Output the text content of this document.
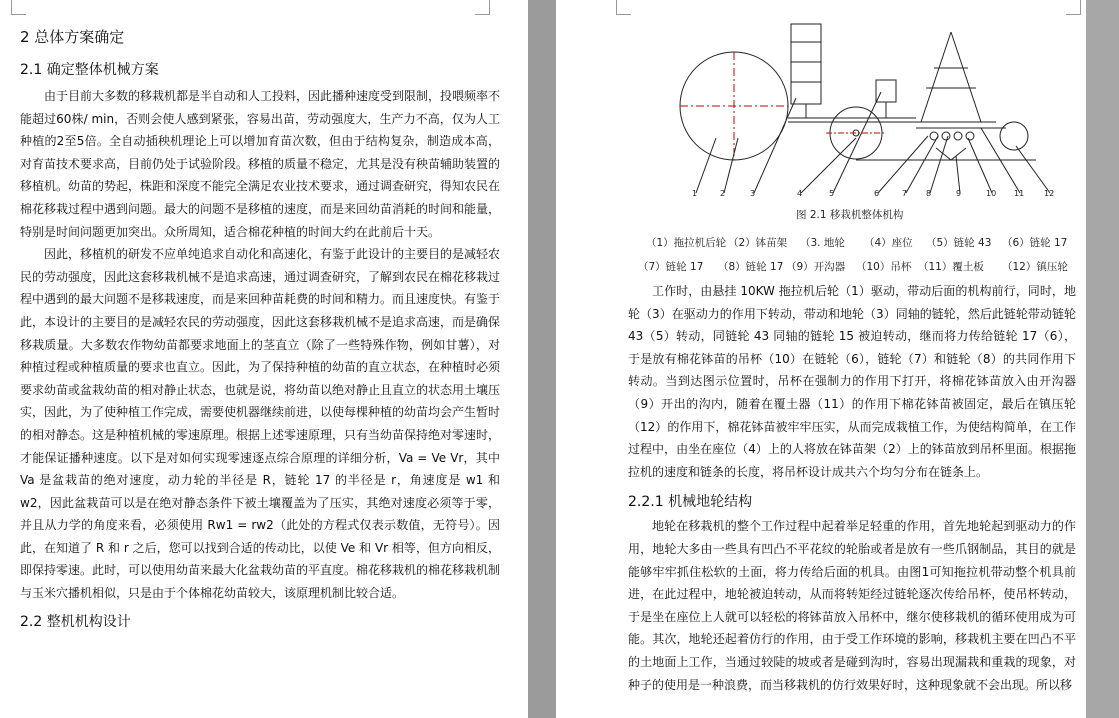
2 总体方案确定
2.1 确定整体机械方案

由于目前大多数的移栽机都是半自动和人工投料，因此播种速度受到限制，投喂频率不能超过60株/ min，否则会使人感到紧张，容易出苗，劳动强度大，生产力不高，仅为人工种植的2至5倍。全自动插秧机理论上可以增加育苗次数，但由于结构复杂，制造成本高，对育苗技术要求高，目前仍处于试验阶段。移植的质量不稳定，尤其是没有秧苗辅助装置的移植机。幼苗的势起，株距和深度不能完全满足农业技术要求，通过调查研究，得知农民在棉花移栽过程中遇到问题。最大的问题不是移植的速度，而是来回幼苗消耗的时间和能量，特别是时间问题更加突出。众所周知，适合棉花种植的时间大约在此前后十天。

因此，移植机的研发不应单纯追求自动化和高速化，有鉴于此设计的主要目的是减轻农民的劳动强度，因此这套移栽机械不是追求高速，通过调查研究，了解到农民在棉花移栽过程中遇到的最大问题不是移栽速度，而是来回种苗耗费的时间和精力。而且速度快。有鉴于此，本设计的主要目的是减轻农民的劳动强度，因此这套移栽机械不是追求高速，而是确保移栽质量。大多数农作物幼苗都要求地面上的茎直立（除了一些特殊作物，例如甘薯），对种植过程或种植质量的要求也直立。因此，为了保持种植的幼苗的直立状态，在种植时必须要求幼苗或盆栽幼苗的相对静止状态，也就是说，将幼苗以绝对静止且直立的状态用土壤压实，因此，为了使种植工作完成，需要使机器继续前进，以使每棵种植的幼苗均会产生暂时的相对静态。这是种植机械的零速原理。根据上述零速原理，只有当幼苗保持绝对零速时，才能保证播种速度。以下是对如何实现零速逐点综合原理的详细分析，Va = Ve Vr，其中 Va 是盆栽苗的绝对速度，动力轮的半径是 R，链轮 17 的半径是 r，角速度是 w1 和 w2，因此盆栽苗可以是在绝对静态条件下被土壤覆盖为了压实，其绝对速度必须等于零，并且从力学的角度来看，必须使用 Rw1 = rw2（此处的方程式仅表示数值，无符号）。因此，在知道了 R 和 r 之后，您可以找到合适的传动比，以使 Ve 和 Vr 相等，但方向相反，即保持零速。此时，可以使用幼苗来最大化盆栽幼苗的平直度。棉花移栽机的棉花移栽机制与玉米穴播机相似，只是由于个体棉花幼苗较大，该原理机制比较合适。

2.2 整机机构设计
1	2	3	4	5	6	7 8	9	10 11 12
图 2.1 移栽机整体机构
（1）拖拉机后轮 （2）钵苗架 （3. 地轮 （4）座位 （5）链轮 43 （6）链轮 17
（7）链轮 17 （8）链轮 17 （9）开沟器 （10）吊杯 （11）覆土板 （12）镇压轮

工作时，由悬挂 10KW 拖拉机后轮（1）驱动，带动后面的机构前行，同时，地轮（3）在驱动力的作用下转动，带动和地轮（3）同轴的链轮，然后此链轮带动链轮 43（5）转动，同链轮 43 同轴的链轮 15 被迫转动，继而将力传给链轮 17（6），于是放有棉花钵苗的吊杯（10）在链轮（6），链轮（7）和链轮（8）的共同作用下转动。当到达图示位置时，吊杯在强制力的作用下打开，将棉花钵苗放入由开沟器（9）开出的沟内，随着在覆土器（11）的作用下棉花钵苗被固定，最后在镇压轮（12）的作用下，棉花钵苗被牢牢压实，从而完成栽植工作，为使结构简单，在工作过程中，由坐在座位（4）上的人将放在钵苗架（2）上的钵苗放到吊杯里面。根据拖拉机的速度和链条的长度，将吊杯设计成共六个均匀分布在链条上。

2.2.1 机械地轮结构

地轮在移栽机的整个工作过程中起着举足轻重的作用，首先地轮起到驱动力的作用，地轮大多由一些具有凹凸不平花纹的轮胎或者是放有一些爪钢制品，其目的就是能够牢牢抓住松软的土面，将力传给后面的机具。由图1可知拖拉机带动整个机具前进，在此过程中，地轮被迫转动，从而将转矩经过链轮逐次传给吊杯，使吊杯转动，于是坐在座位上人就可以轻松的将钵苗放入吊杯中，继尔使移栽机的循环使用成为可能。其次，地轮还起着仿行的作用，由于受工作环境的影响，移栽机主要在凹凸不平的土地面上工作，当通过较陡的坡或者是碰到沟时，容易出现漏栽和重栽的现象，对种子的使用是一种浪费，而当移栽机的仿行效果好时，这种现象就不会出现。所以移
